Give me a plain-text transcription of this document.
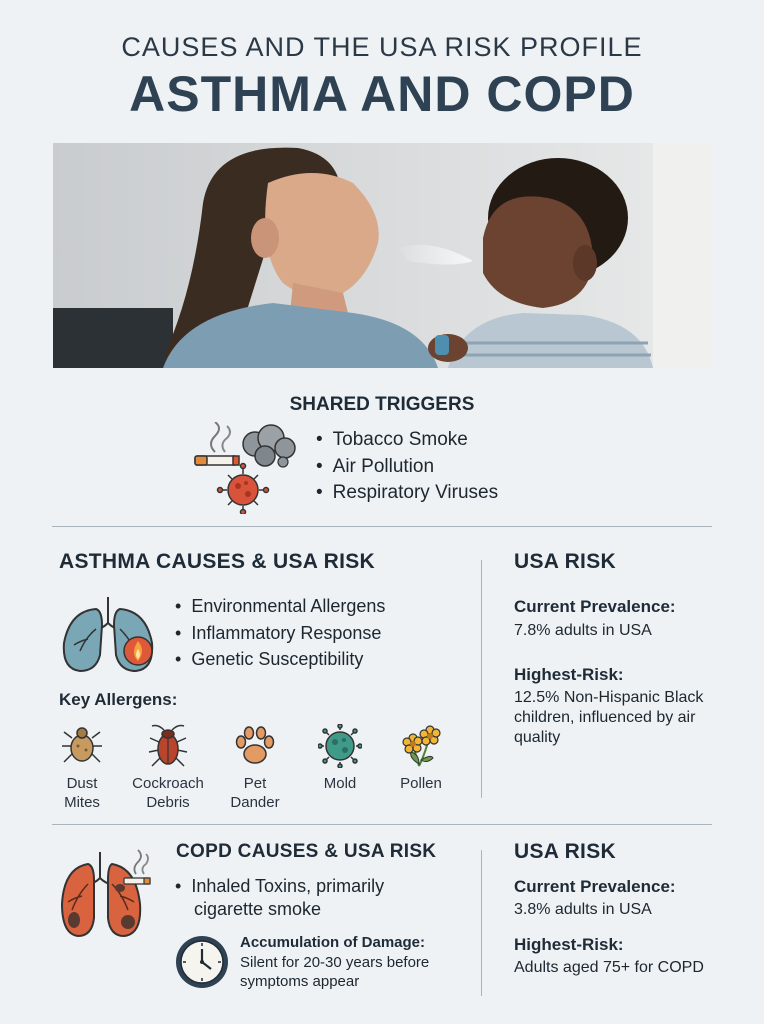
CAUSES AND THE USA RISK PROFILE
ASTHMA AND COPD
SHARED TRIGGERS
• Tobacco Smoke
• Air Pollution
• Respiratory Viruses
ASTHMA CAUSES & USA RISK
• Environmental Allergens
• Inflammatory Response
• Genetic Susceptibility
Key Allergens:
Dust
Mites
Cockroach
Debris
Pet
Dander
Mold	Pollen

USA RISK
Current Prevalence:
7.8% adults in USA
Highest-Risk:
12.5% Non-Hispanic Black children, influenced by air quality
COPD CAUSES & USA RISK
• Inhaled Toxins, primarily
cigarette smoke
Accumulation of Damage:
Silent for 20-30 years before symptoms appear
USA RISK
Current Prevalence:
3.8% adults in USA
Highest-Risk:
Adults aged 75+ for COPD
